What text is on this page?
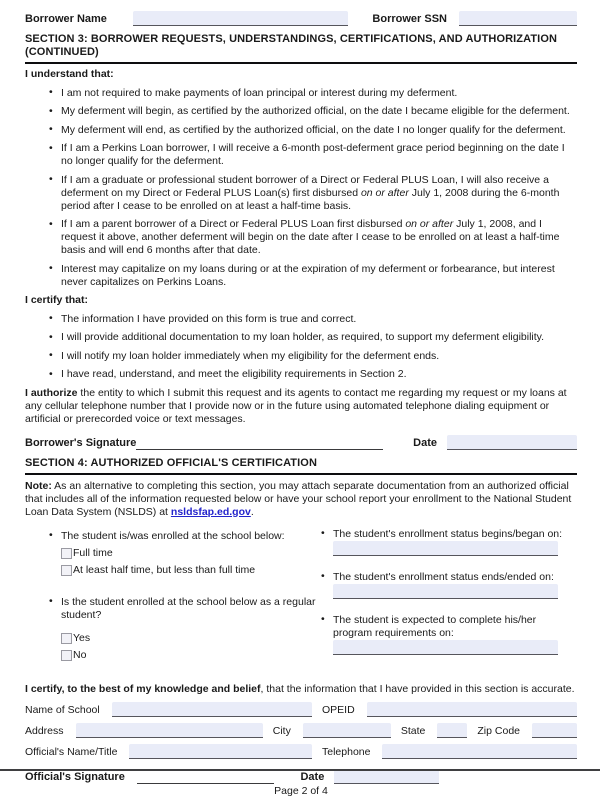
Borrower Name	Borrower SSN
SECTION 3: BORROWER REQUESTS, UNDERSTANDINGS, CERTIFICATIONS, AND AUTHORIZATION (CONTINUED)
I understand that:
• I am not required to make payments of loan principal or interest during my deferment.
• My deferment will begin, as certified by the authorized official, on the date I became eligible for the deferment.
• My deferment will end, as certified by the authorized official, on the date I no longer qualify for the deferment.
• If I am a Perkins Loan borrower, I will receive a 6-month post-deferment grace period beginning on the date I no longer qualify for the deferment.
• If I am a graduate or professional student borrower of a Direct or Federal PLUS Loan, I will also receive a deferment on my Direct or Federal PLUS Loan(s) first disbursed on or after July 1, 2008 during the 6-month period after I cease to be enrolled on at least a half-time basis.
• If I am a parent borrower of a Direct or Federal PLUS Loan first disbursed on or after July 1, 2008, and I request it above, another deferment will begin on the date after I cease to be enrolled on at least a half-time basis and will end 6 months after that date.
• Interest may capitalize on my loans during or at the expiration of my deferment or forbearance, but interest never capitalizes on Perkins Loans.
I certify that:
• The information I have provided on this form is true and correct.
• I will provide additional documentation to my loan holder, as required, to support my deferment eligibility.
• I will notify my loan holder immediately when my eligibility for the deferment ends.
• I have read, understand, and meet the eligibility requirements in Section 2.

I authorize the entity to which I submit this request and its agents to contact me regarding my request or my loans at any cellular telephone number that I provide now or in the future using automated telephone dialing equipment or artificial or prerecorded voice or text messages.

Borrower's Signature	Date
SECTION 4: AUTHORIZED OFFICIAL'S CERTIFICATION

Note: As an alternative to completing this section, you may attach separate documentation from an authorized official that includes all of the information requested below or have your school report your enrollment to the National Student Loan Data System (NSLDS) at nsldsfap.ed.gov.

• The student is/was enrolled at the school below:
Full time
At least half time, but less than full time
• Is the student enrolled at the school below as a regular student?
Yes
No
• The student's enrollment status begins/began on:
• The student's enrollment status ends/ended on:
• The student is expected to complete his/her program requirements on:

I certify, to the best of my knowledge and belief, that the information that I have provided in this section is accurate.

Name of School	OPEID
Address	City	State	Zip Code
Official's Name/Title	Telephone
Official's Signature	Date
Page 2 of 4
